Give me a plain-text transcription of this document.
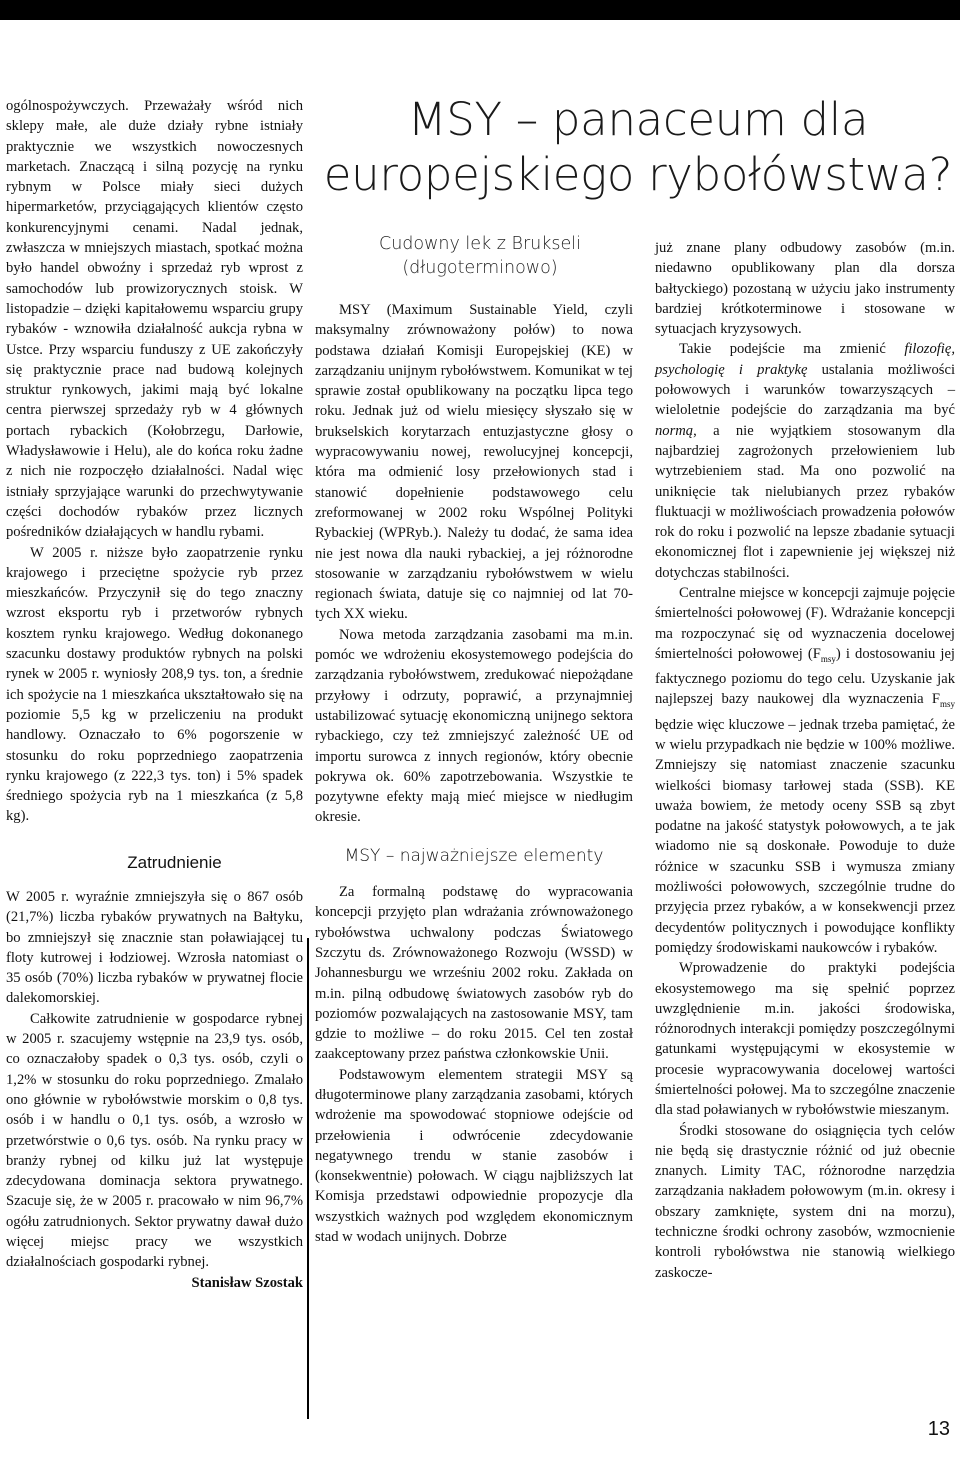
ogólnospożywczych. Przeważały wśród nich sklepy małe, ale duże działy rybne istniały praktycznie we wszystkich nowoczesnych marketach. Znaczącą i silną pozycję na rynku rybnym w Polsce miały sieci dużych hipermarketów, przyciągających klientów często konkurencyjnymi cenami. Nadal jednak, zwłaszcza w mniejszych miastach, spotkać można było handel obwoźny i sprzedaż ryb wprost z samochodów lub prowizorycznych stoisk. W listopadzie – dzięki kapitałowemu wsparciu grupy rybaków - wznowiła działalność aukcja rybna w Ustce. Przy wsparciu funduszy z UE zakończyły się praktycznie prace nad budową kolejnych struktur rynkowych, jakimi mają być lokalne centra pierwszej sprzedaży ryb w 4 głównych portach rybackich (Kołobrzegu, Darłowie, Władysławowie i Helu), ale do końca roku żadne z nich nie rozpoczęło działalności. Nadal więc istniały sprzyjające warunki do przechwytywanie części dochodów rybaków przez licznych pośredników działających w handlu rybami.

W 2005 r. niższe było zaopatrzenie rynku krajowego i przeciętne spożycie ryb przez mieszkańców. Przyczynił się do tego znaczny wzrost eksportu ryb i przetworów rybnych kosztem rynku krajowego. Według dokonanego szacunku dostawy produktów rybnych na polski rynek w 2005 r. wyniosły 208,9 tys. ton, a średnie ich spożycie na 1 mieszkańca ukształtowało się na poziomie 5,5 kg w przeliczeniu na produkt handlowy. Oznaczało to 6% pogorszenie w stosunku do roku poprzedniego zaopatrzenia rynku krajowego (z 222,3 tys. ton) i 5% spadek średniego spożycia ryb na 1 mieszkańca (z 5,8 kg).

Zatrudnienie

W 2005 r. wyraźnie zmniejszyła się o 867 osób (21,7%) liczba rybaków prywatnych na Bałtyku, bo zmniejszył się znacznie stan poławiającej tu floty kutrowej i łodziowej. Wzrosła natomiast o 35 osób (70%) liczba rybaków w prywatnej flocie dalekomorskiej.

Całkowite zatrudnienie w gospodarce rybnej w 2005 r. szacujemy wstępnie na 23,9 tys. osób, co oznaczałoby spadek o 0,3 tys. osób, czyli o 1,2% w stosunku do roku poprzedniego. Zmalało ono głównie w rybołówstwie morskim o 0,8 tys. osób i w handlu o 0,1 tys. osób, a wzrosło w przetwórstwie o 0,6 tys. osób. Na rynku pracy w branży rybnej od kilku już lat występuje zdecydowana dominacja sektora prywatnego. Szacuje się, że w 2005 r. pracowało w nim 96,7% ogółu zatrudnionych. Sektor prywatny dawał dużo więcej miejsc pracy we wszystkich działalnościach gospodarki rybnej.

Stanisław Szostak

MSY – panaceum dla europejskiego rybołówstwa?
Cudowny lek z Brukseli (długoterminowo)

MSY (Maximum Sustainable Yield, czyli maksymalny zrównoważony połów) to nowa podstawa działań Komisji Europejskiej (KE) w zarządzaniu unijnym rybołówstwem. Komunikat w tej sprawie został opublikowany na początku lipca tego roku. Jednak już od wielu miesięcy słyszało się w brukselskich korytarzach entuzjastyczne głosy o wypracowywaniu nowej, rewolucyjnej koncepcji, która ma odmienić losy przełowionych stad i stanowić dopełnienie podstawowego celu zreformowanej w 2002 roku Wspólnej Polityki Rybackiej (WPRyb.). Należy tu dodać, że sama idea nie jest nowa dla nauki rybackiej, a jej różnorodne stosowanie w zarządzaniu rybołówstwem w wielu regionach świata, datuje się co najmniej od lat 70-tych XX wieku.

Nowa metoda zarządzania zasobami ma m.in. pomóc we wdrożeniu ekosystemowego podejścia do zarządzania rybołówstwem, zredukować niepożądane przyłowy i odrzuty, poprawić, a przynajmniej ustabilizować sytuację ekonomiczną unijnego sektora rybackiego, czy też zmniejszyć zależność UE od importu surowca z innych regionów, który obecnie pokrywa ok. 60% zapotrzebowania. Wszystkie te pozytywne efekty mają mieć miejsce w niedługim okresie.

MSY – najważniejsze elementy

Za formalną podstawę do wypracowania koncepcji przyjęto plan wdrażania zrównoważonego rybołówstwa uchwalony podczas Światowego Szczytu ds. Zrównoważonego Rozwoju (WSSD) w Johannesburgu we wrześniu 2002 roku. Zakłada on m.in. pilną odbudowę światowych zasobów ryb do poziomów pozwalających na zastosowanie MSY, tam gdzie to możliwe – do roku 2015. Cel ten został zaakceptowany przez państwa członkowskie Unii.

Podstawowym elementem strategii MSY są długoterminowe plany zarządzania zasobami, których wdrożenie ma spowodować stopniowe odejście od przełowienia i odwrócenie zdecydowanie negatywnego trendu w stanie zasobów i (konsekwentnie) połowach. W ciągu najbliższych lat Komisja przedstawi odpowiednie propozycje dla wszystkich ważnych pod względem ekonomicznym stad w wodach unijnych. Dobrze

już znane plany odbudowy zasobów (m.in. niedawno opublikowany plan dla dorsza bałtyckiego) pozostaną w użyciu jako instrumenty bardziej krótkoterminowe i stosowane w sytuacjach kryzysowych.

Takie podejście ma zmienić filozofię, psychologię i praktykę ustalania możliwości połowowych i warunków towarzyszących – wieloletnie podejście do zarządzania ma być normą, a nie wyjątkiem stosowanym dla najbardziej zagrożonych przełowieniem lub wytrzebieniem stad. Ma ono pozwolić na uniknięcie tak nielubianych przez rybaków fluktuacji w możliwościach prowadzenia połowów rok do roku i pozwolić na lepsze zbadanie sytuacji ekonomicznej flot i zapewnienie jej większej niż dotychczas stabilności.

Centralne miejsce w koncepcji zajmuje pojęcie śmiertelności połowowej (F). Wdrażanie koncepcji ma rozpoczynać się od wyznaczenia docelowej śmiertelności połowowej $(F_{msy})$ i dostosowaniu jej faktycznego poziomu do tego celu. Uzyskanie jak najlepszej bazy naukowej dla wyznaczenia $F_{msy}$ będzie więc kluczowe – jednak trzeba pamiętać, że w wielu przypadkach nie będzie w 100% możliwe. Zmniejszy się natomiast znaczenie szacunku wielkości biomasy tarłowej stada (SSB). KE uważa bowiem, że metody oceny SSB są zbyt podatne na jakość statystyk połowowych, a te jak wiadomo nie są doskonałe. Powoduje to duże różnice w szacunku SSB i wymusza zmiany możliwości połowowych, szczególnie trudne do przyjęcia przez rybaków, a w konsekwencji przez decydentów politycznych i powodujące konflikty pomiędzy środowiskami naukowców i rybaków.

Wprowadzenie do praktyki podejścia ekosystemowego ma się spełnić poprzez uwzględnienie m.in. jakości środowiska, różnorodnych interakcji pomiędzy poszczególnymi gatunkami występującymi w ekosystemie w procesie wypracowywania docelowej wartości śmiertelności połowej. Ma to szczególne znaczenie dla stad poławianych w rybołówstwie mieszanym.

Środki stosowane do osiągnięcia tych celów nie będą się drastycznie różnić od już obecnie znanych. Limity TAC, różnorodne narzędzia zarządzania nakładem połowowym (m.in. okresy i obszary zamknięte, system dni na morzu), techniczne środki ochrony zasobów, wzmocnienie kontroli rybołówstwa nie stanowią wielkiego zaskocze-

13
